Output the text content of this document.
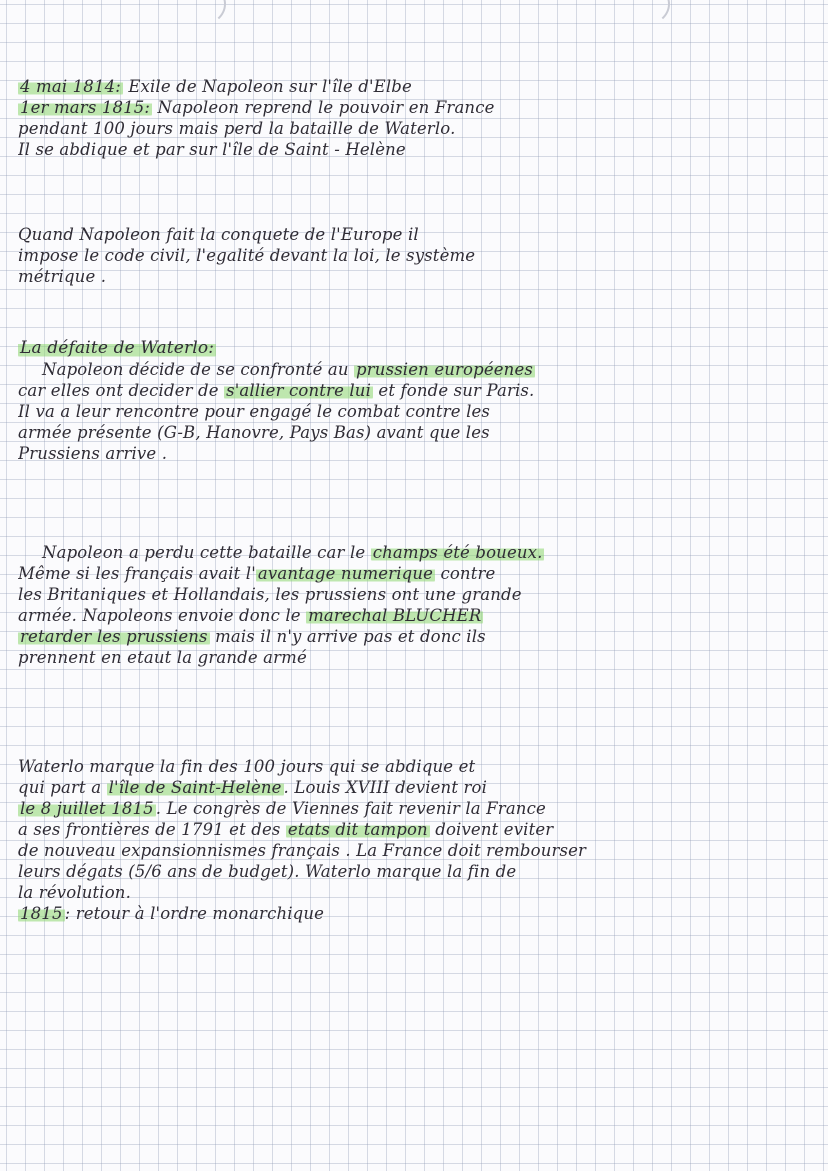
4 mai 1814: Exile de Napoleon sur l'île d'Elbe
1er mars 1815: Napoleon reprend le pouvoir en France
pendant 100 jours mais perd la bataille de Waterlo.
Il se abdique et par sur l'île de Saint - Helène
Quand Napoleon fait la conquete de l'Europe il
impose le code civil, l'egalité devant la loi, le système
métrique .
La défaite de Waterlo:
Napoleon décide de se confronté au prussien européenes
car elles ont decider de s'allier contre lui et fonde sur Paris.
Il va a leur rencontre pour engagé le combat contre les
armée présente (G-B, Hanovre, Pays Bas) avant que les
Prussiens arrive .
Napoleon a perdu cette bataille car le champs été boueux.
Même si les français avait l' avantage numerique contre
les Britaniques et Hollandais, les prussiens ont une grande
armée. Napoleons envoie donc le marechal BLUCHER
retarder les prussiens mais il n'y arrive pas et donc ils
prennent en etaut la grande armé
Waterlo marque la fin des 100 jours qui se abdique et
qui part a l'île de Saint-Helène . Louis XVIII devient roi
le 8 juillet 1815 . Le congrès de Viennes fait revenir la France
a ses frontières de 1791 et des etats dit tampon doivent eviter
de nouveau expansionnismes français . La France doit rembourser
leurs dégats (5/6 ans de budget). Waterlo marque la fin de
la révolution.
1815 : retour à l'ordre monarchique
